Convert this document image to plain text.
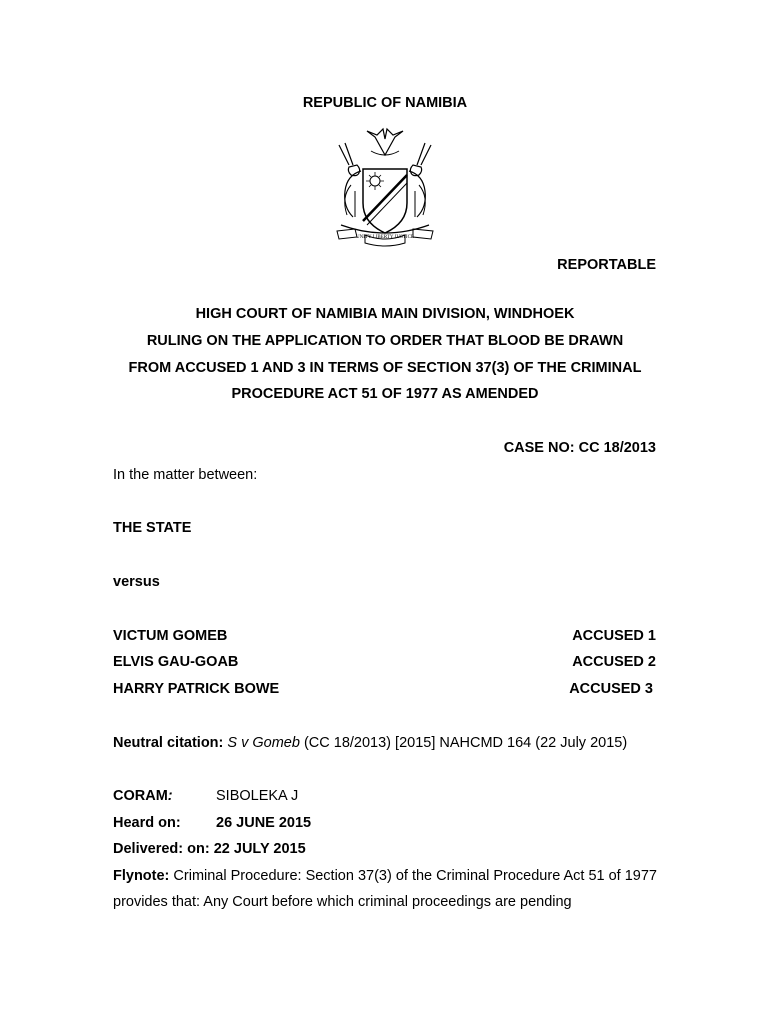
REPUBLIC OF NAMIBIA
UNITY LIBERTY JUSTICE
REPORTABLE
HIGH COURT OF NAMIBIA MAIN DIVISION, WINDHOEK
RULING ON THE APPLICATION TO ORDER THAT BLOOD BE DRAWN
FROM ACCUSED 1 AND 3 IN TERMS OF SECTION 37(3) OF THE CRIMINAL
PROCEDURE ACT 51 OF 1977 AS AMENDED
CASE NO: CC 18/2013
In the matter between:
THE STATE
versus
VICTUM GOMEB	ACCUSED 1
ELVIS GAU-GOAB	ACCUSED 2
HARRY PATRICK BOWE	ACCUSED 3
Neutral citation: S v Gomeb (CC 18/2013) [2015] NAHCMD 164 (22 July 2015)
CORAM:	SIBOLEKA J
Heard on: 26 JUNE 2015
Delivered: on: 22 JULY 2015
Flynote: Criminal Procedure: Section 37(3) of the Criminal Procedure Act 51 of 1977 provides that: Any Court before which criminal proceedings are pending
